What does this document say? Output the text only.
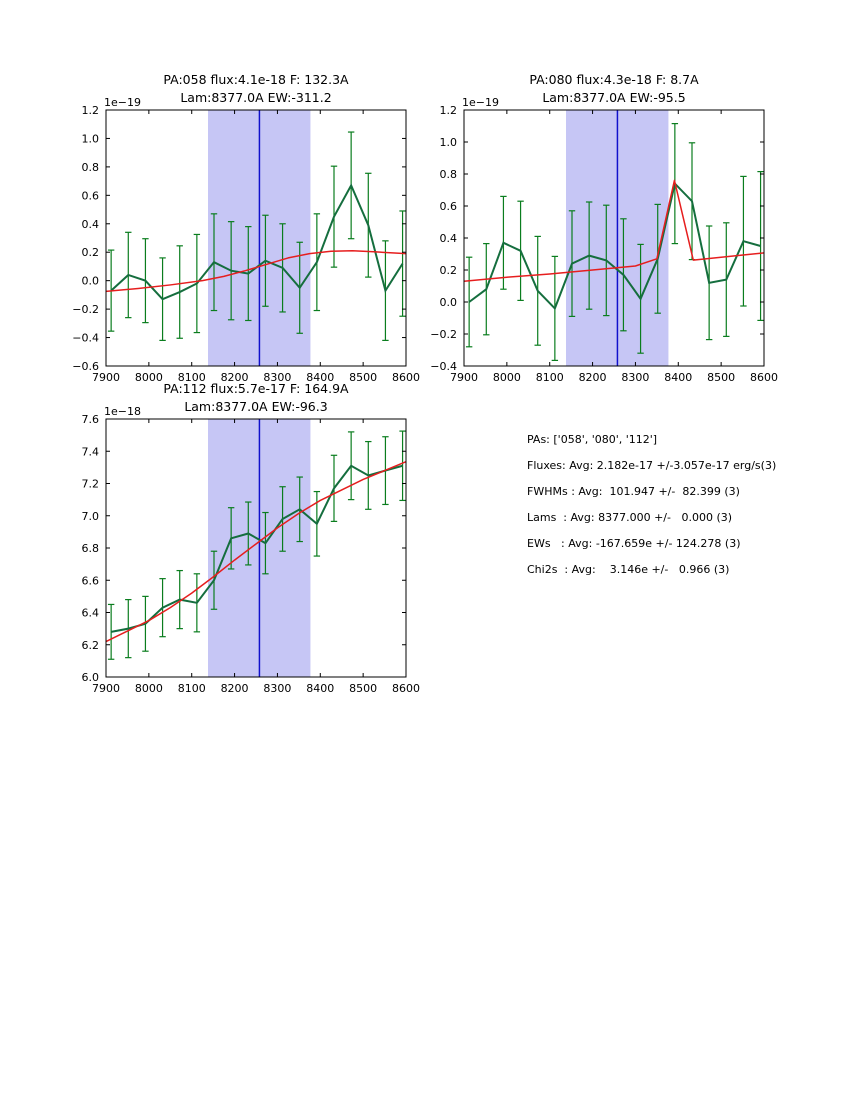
7900 8000 8100 8200 8300 8400 8500 8600
−0.6
−0.4
−0.2
0.0
0.2
0.4
0.6
0.8
1.0
1.2
1e−19
PA:058 flux:4.1e-18 F: 132.3A
Lam:8377.0A EW:-311.2
7900 8000 8100 8200 8300 8400 8500 8600
−0.4
−0.2
0.0
0.2
0.4
0.6
0.8
1.0
1.2
1e−19
PA:080 flux:4.3e-18 F: 8.7A
Lam:8377.0A EW:-95.5
7900 8000 8100 8200 8300 8400 8500 8600
6.0
6.2
6.4
6.6
6.8
7.0
7.2
7.4
7.6
1e−18
PA:112 flux:5.7e-17 F: 164.9A
Lam:8377.0A EW:-96.3
PAs: ['058', '080', '112']
Fluxes: Avg: 2.182e-17 +/-3.057e-17 erg/s(3)
FWHMs : Avg:  101.947 +/-  82.399 (3)
Lams  : Avg: 8377.000 +/-   0.000 (3)
EWs   : Avg: -167.659e +/- 124.278 (3)
Chi2s  : Avg:    3.146e +/-   0.966 (3)
